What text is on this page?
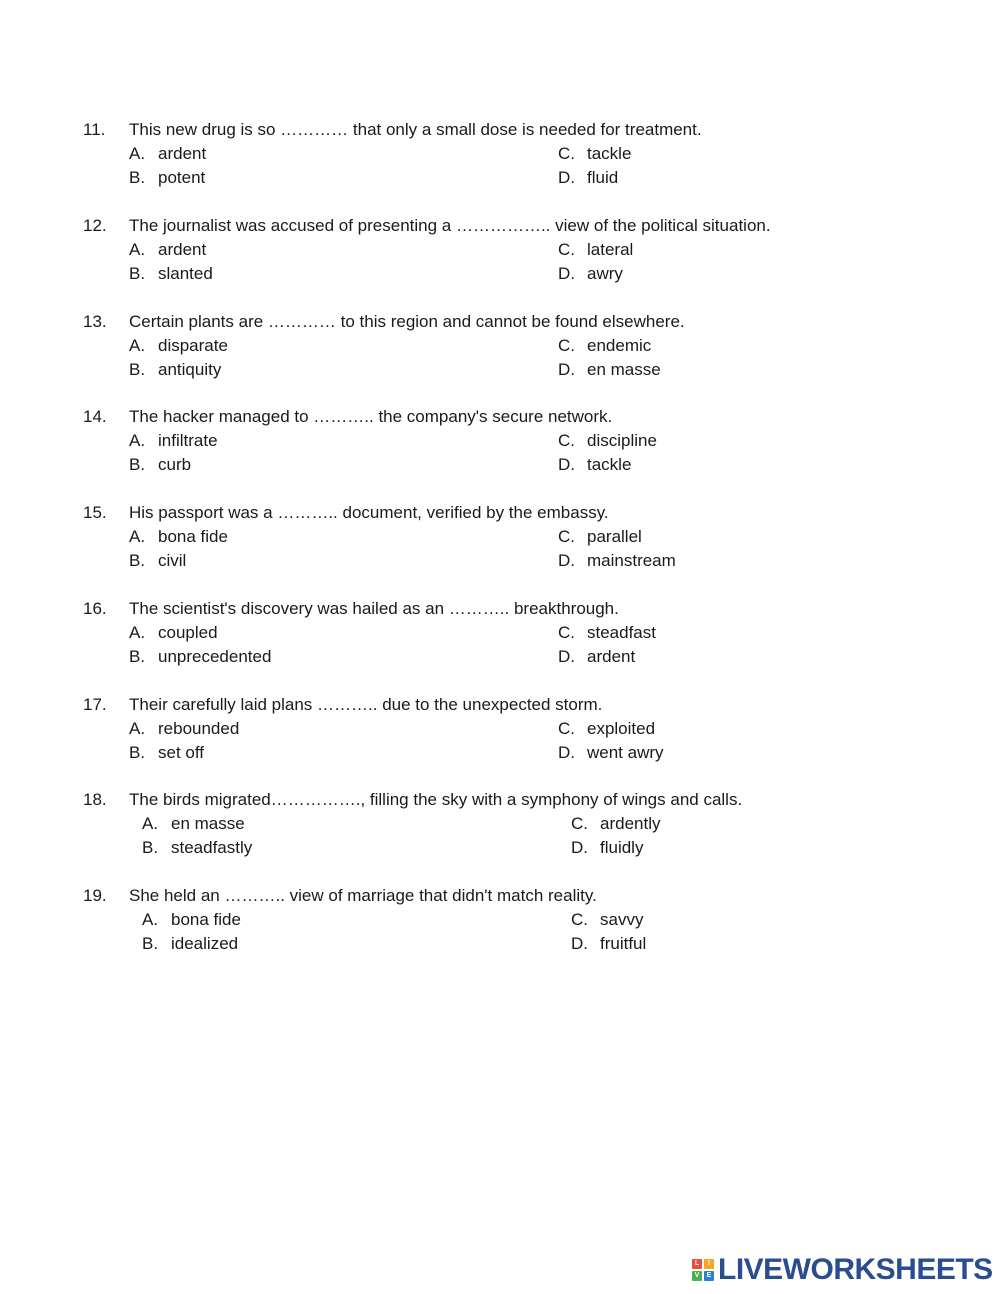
11. This new drug is so ………… that only a small dose is needed for treatment.
A. ardent
B. potent
C. tackle
D. fluid
12. The journalist was accused of presenting a …………….. view of the political situation.
A. ardent
B. slanted
C. lateral
D. awry
13. Certain plants are ………… to this region and cannot be found elsewhere.
A. disparate
B. antiquity
C. endemic
D. en masse
14. The hacker managed to ……….. the company's secure network.
A. infiltrate
B. curb
C. discipline
D. tackle
15. His passport was a ……….. document, verified by the embassy.
A. bona fide
B. civil
C. parallel
D. mainstream
16. The scientist's discovery was hailed as an ……….. breakthrough.
A. coupled
B. unprecedented
C. steadfast
D. ardent
17. Their carefully laid plans ……….. due to the unexpected storm.
A. rebounded
B. set off
C. exploited
D. went awry
18. The birds migrated……………., filling the sky with a symphony of wings and calls.
A. en masse
B. steadfastly
C. ardently
D. fluidly
19. She held an ……….. view of marriage that didn't match reality.
A. bona fide
B. idealized
C. savvy
D. fruitful
L	I
V	E LIVEWORKSHEETS
